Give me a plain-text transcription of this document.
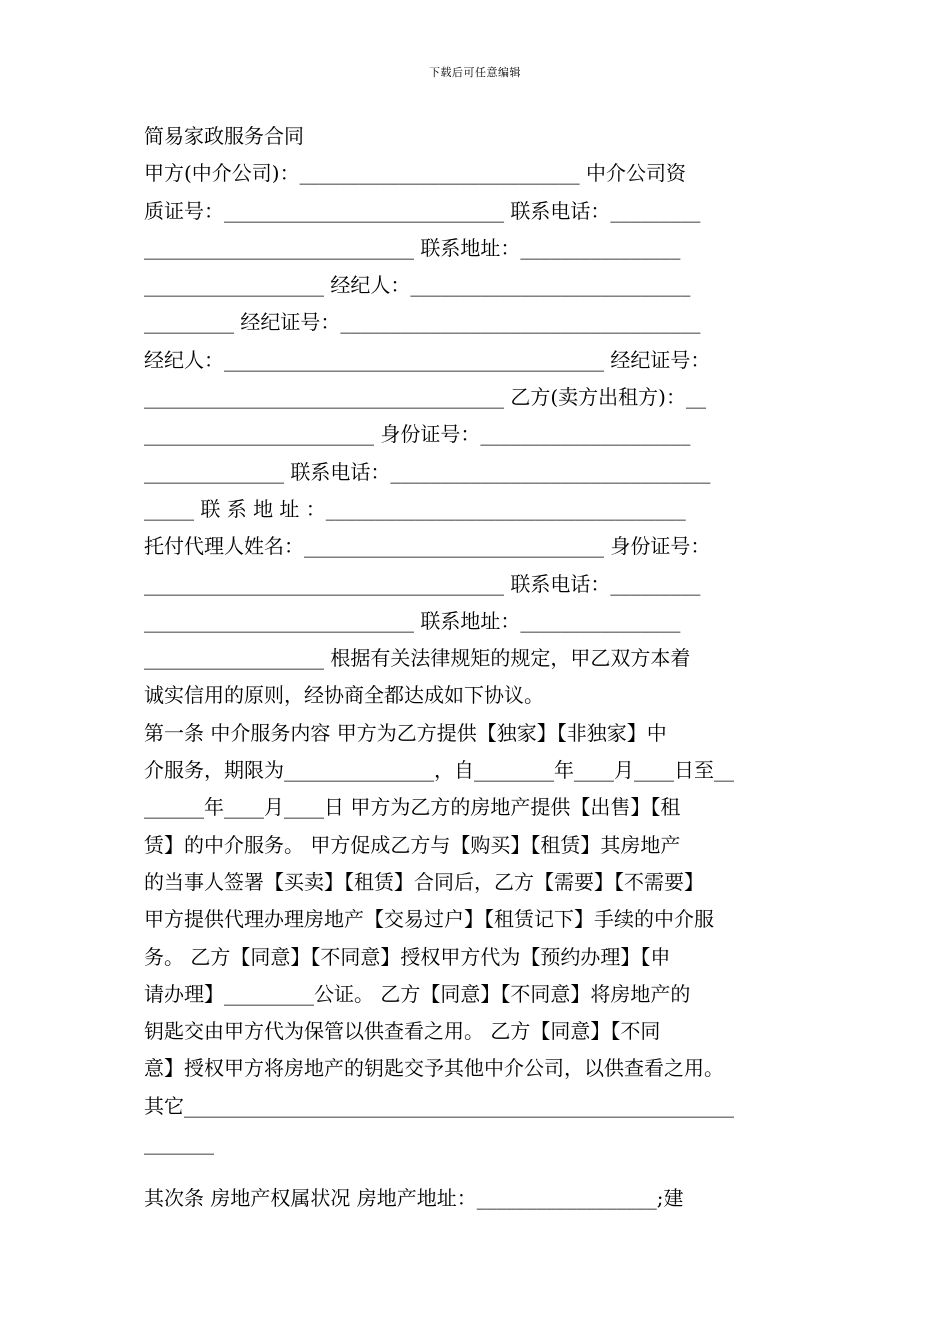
下载后可任意编辑
简易家政服务合同
甲方(中介公司)：____________________________ 中介公司资
质证号：____________________________ 联系电话：_________
___________________________ 联系地址：________________
__________________ 经纪人：____________________________
_________ 经纪证号：____________________________________
经纪人：______________________________________ 经纪证号：
____________________________________ 乙方(卖方出租方)：__
_______________________ 身份证号：_____________________
______________ 联系电话：________________________________
_____ 联 系 地 址 ：____________________________________
托付代理人姓名：______________________________ 身份证号：
____________________________________ 联系电话：_________
___________________________ 联系地址：________________
__________________ 根据有关法律规矩的规定，甲乙双方本着
诚实信用的原则，经协商全都达成如下协议。
第一条 中介服务内容 甲方为乙方提供【独家】【非独家】中
介服务，期限为_______________，自________年____月____日至__
______年____月____日 甲方为乙方的房地产提供【出售】【租
赁】的中介服务。 甲方促成乙方与【购买】【租赁】其房地产
的当事人签署【买卖】【租赁】合同后，乙方【需要】【不需要】
甲方提供代理办理房地产【交易过户】【租赁记下】手续的中介服
务。 乙方【同意】【不同意】授权甲方代为【预约办理】【申
请办理】_________公证。 乙方【同意】【不同意】将房地产的
钥匙交由甲方代为保管以供查看之用。 乙方【同意】【不同
意】授权甲方将房地产的钥匙交予其他中介公司，以供查看之用。
其它_______________________________________________________
_______
其次条 房地产权属状况 房地产地址：__________________;建
